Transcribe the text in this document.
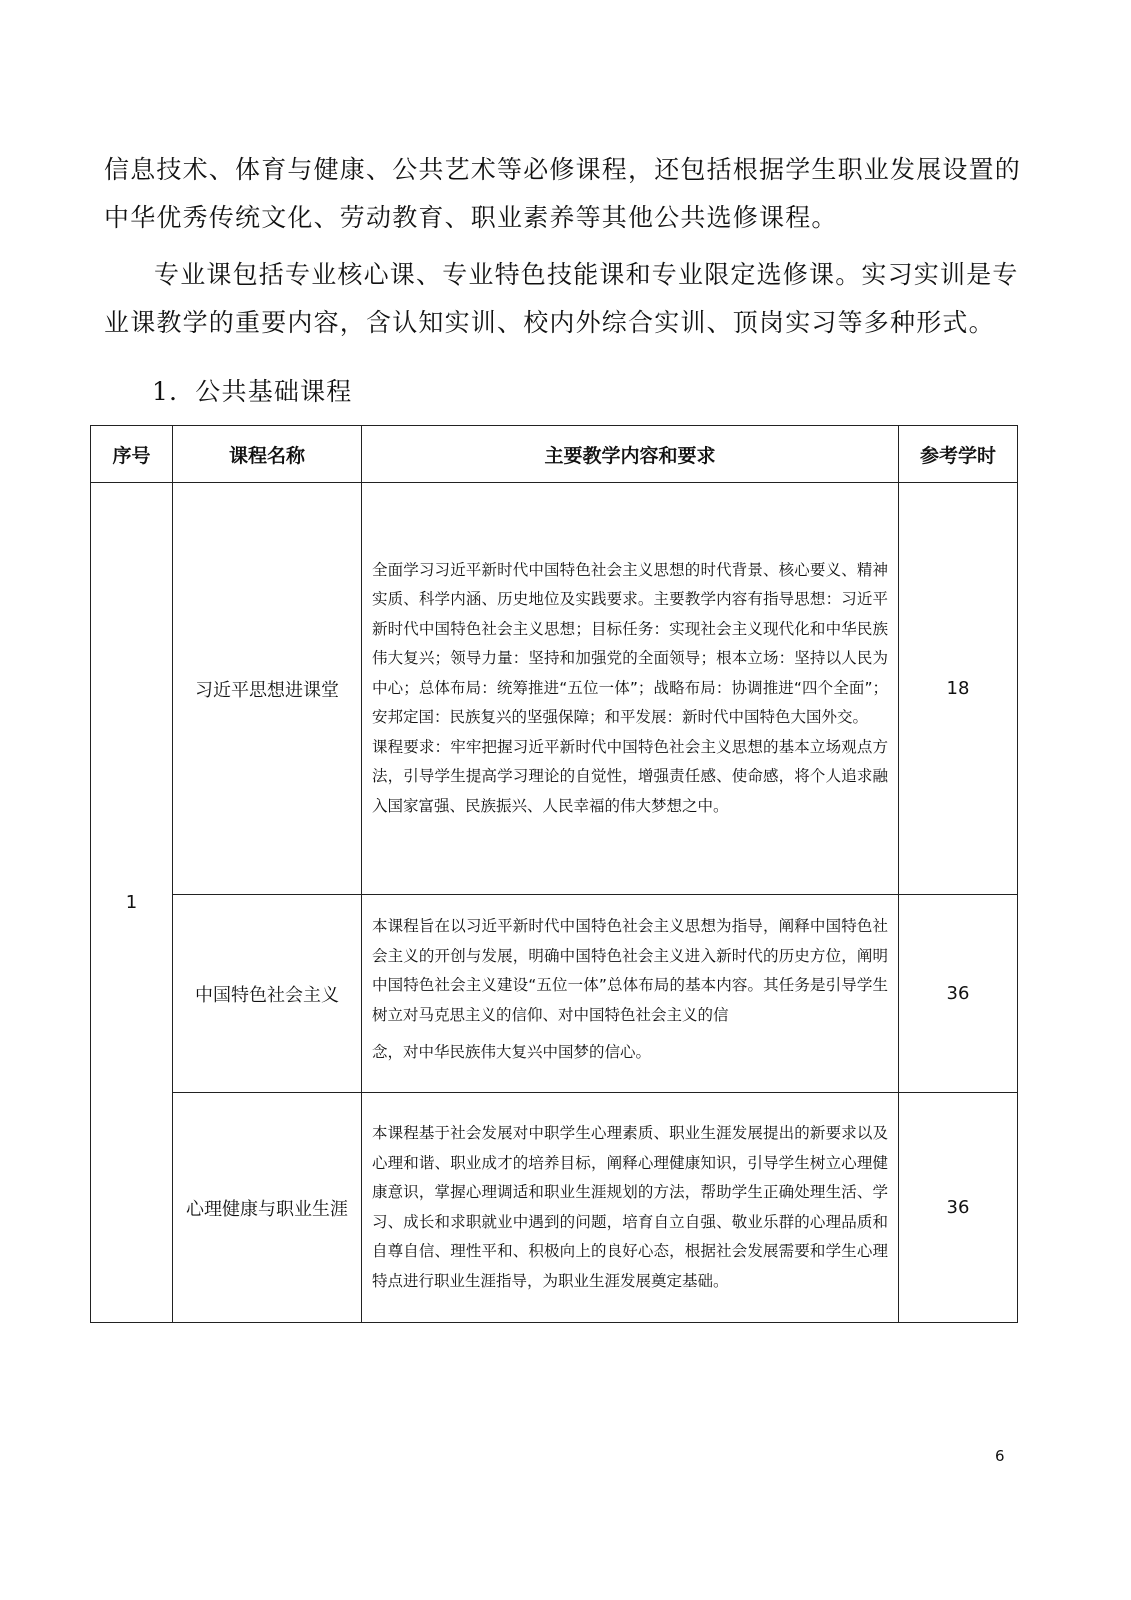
信息技术、体育与健康、公共艺术等必修课程，还包括根据学生职业发展设置的中华优秀传统文化、劳动教育、职业素养等其他公共选修课程。

专业课包括专业核心课、专业特色技能课和专业限定选修课。实习实训是专业课教学的重要内容，含认知实训、校内外综合实训、顶岗实习等多种形式。

1．公共基础课程
序号	课程名称	主要教学内容和要求	参考学时
1	习近平思想进课堂	全面学习习近平新时代中国特色社会主义思想的时代背景、核心要义、精神实质、科学内涵、历史地位及实践要求。主要教学内容有指导思想：习近平新时代中国特色社会主义思想；目标任务：实现社会主义现代化和中华民族伟大复兴；领导力量：坚持和加强党的全面领导；根本立场：坚持以人民为中心；总体布局：统筹推进“五位一体”；战略布局：协调推进“四个全面”；安邦定国：民族复兴的坚强保障；和平发展：新时代中国特色大国外交。

课程要求：牢牢把握习近平新时代中国特色社会主义思想的基本立场观点方法，引导学生提高学习理论的自觉性，增强责任感、使命感，将个人追求融入国家富强、民族振兴、人民幸福的伟大梦想之中。	18
	中国特色社会主义	本课程旨在以习近平新时代中国特色社会主义思想为指导，阐释中国特色社会主义的开创与发展，明确中国特色社会主义进入新时代的历史方位，阐明中国特色社会主义建设“五位一体”总体布局的基本内容。其任务是引导学生树立对马克思主义的信仰、对中国特色社会主义的信

念，对中华民族伟大复兴中国梦的信心。	36
	心理健康与职业生涯	本课程基于社会发展对中职学生心理素质、职业生涯发展提出的新要求以及心理和谐、职业成才的培养目标，阐释心理健康知识，引导学生树立心理健康意识，掌握心理调适和职业生涯规划的方法，帮助学生正确处理生活、学习、成长和求职就业中遇到的问题，培育自立自强、敬业乐群的心理品质和自尊自信、理性平和、积极向上的良好心态，根据社会发展需要和学生心理特点进行职业生涯指导，为职业生涯发展奠定基础。	36
6
